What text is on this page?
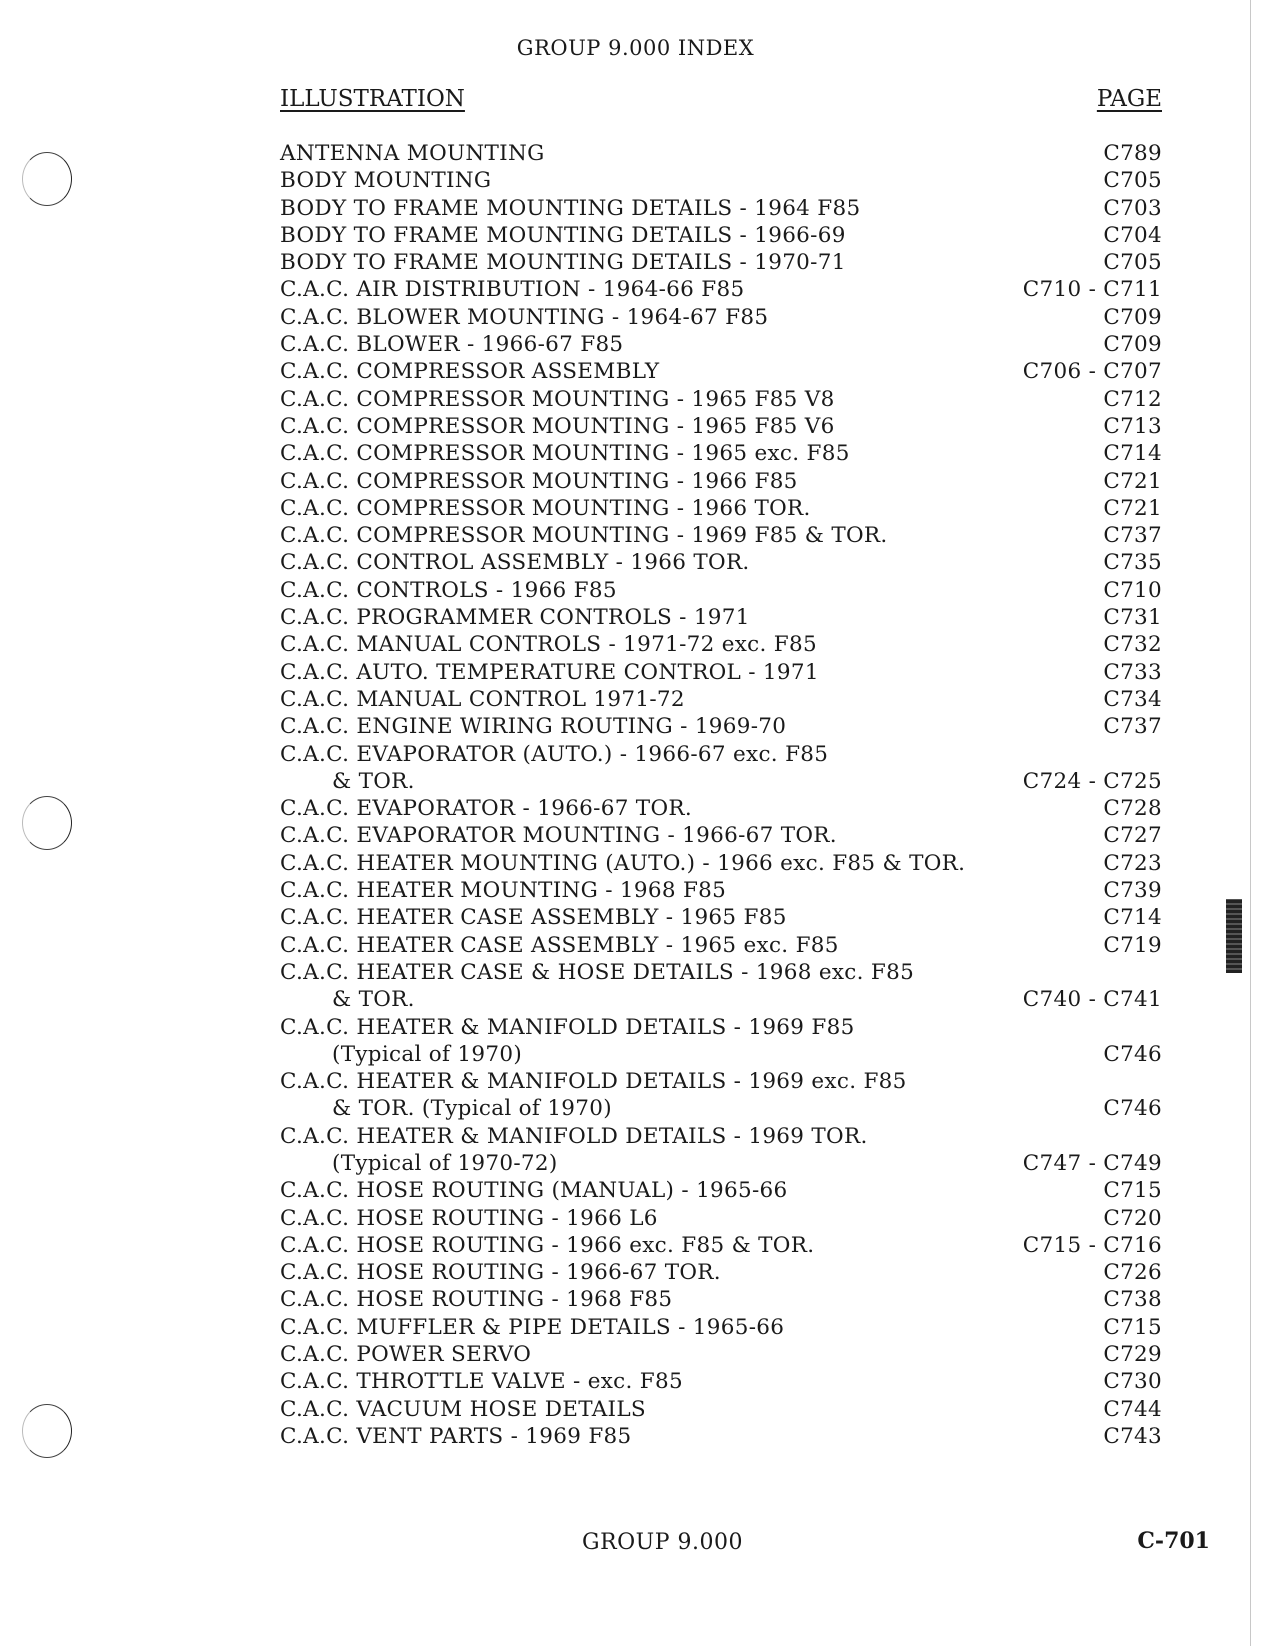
GROUP 9.000 INDEX
ILLUSTRATION	PAGE
ANTENNA MOUNTING	C789
BODY MOUNTING	C705
BODY TO FRAME MOUNTING DETAILS - 1964 F85	C703
BODY TO FRAME MOUNTING DETAILS - 1966-69	C704
BODY TO FRAME MOUNTING DETAILS - 1970-71	C705
C.A.C. AIR DISTRIBUTION - 1964-66 F85	C710 - C711
C.A.C. BLOWER MOUNTING - 1964-67 F85	C709
C.A.C. BLOWER - 1966-67 F85	C709
C.A.C. COMPRESSOR ASSEMBLY	C706 - C707
C.A.C. COMPRESSOR MOUNTING - 1965 F85 V8	C712
C.A.C. COMPRESSOR MOUNTING - 1965 F85 V6	C713
C.A.C. COMPRESSOR MOUNTING - 1965 exc. F85	C714
C.A.C. COMPRESSOR MOUNTING - 1966 F85	C721
C.A.C. COMPRESSOR MOUNTING - 1966 TOR.	C721
C.A.C. COMPRESSOR MOUNTING - 1969 F85 & TOR.	C737
C.A.C. CONTROL ASSEMBLY - 1966 TOR.	C735
C.A.C. CONTROLS - 1966 F85	C710
C.A.C. PROGRAMMER CONTROLS - 1971	C731
C.A.C. MANUAL CONTROLS - 1971-72 exc. F85	C732
C.A.C. AUTO. TEMPERATURE CONTROL - 1971	C733
C.A.C. MANUAL CONTROL 1971-72	C734
C.A.C. ENGINE WIRING ROUTING - 1969-70	C737
C.A.C. EVAPORATOR (AUTO.) - 1966-67 exc. F85
& TOR.	C724 - C725
C.A.C. EVAPORATOR - 1966-67 TOR.	C728
C.A.C. EVAPORATOR MOUNTING - 1966-67 TOR.	C727
C.A.C. HEATER MOUNTING (AUTO.) - 1966 exc. F85 & TOR.	C723
C.A.C. HEATER MOUNTING - 1968 F85	C739
C.A.C. HEATER CASE ASSEMBLY - 1965 F85	C714
C.A.C. HEATER CASE ASSEMBLY - 1965 exc. F85	C719
C.A.C. HEATER CASE & HOSE DETAILS - 1968 exc. F85
& TOR.	C740 - C741
C.A.C. HEATER & MANIFOLD DETAILS - 1969 F85
(Typical of 1970)	C746
C.A.C. HEATER & MANIFOLD DETAILS - 1969 exc. F85
& TOR. (Typical of 1970)	C746
C.A.C. HEATER & MANIFOLD DETAILS - 1969 TOR.
(Typical of 1970-72)	C747 - C749
C.A.C. HOSE ROUTING (MANUAL) - 1965-66	C715
C.A.C. HOSE ROUTING - 1966 L6	C720
C.A.C. HOSE ROUTING - 1966 exc. F85 & TOR.	C715 - C716
C.A.C. HOSE ROUTING - 1966-67 TOR.	C726
C.A.C. HOSE ROUTING - 1968 F85	C738
C.A.C. MUFFLER & PIPE DETAILS - 1965-66	C715
C.A.C. POWER SERVO	C729
C.A.C. THROTTLE VALVE - exc. F85	C730
C.A.C. VACUUM HOSE DETAILS	C744
C.A.C. VENT PARTS - 1969 F85	C743
GROUP 9.000	C-701
